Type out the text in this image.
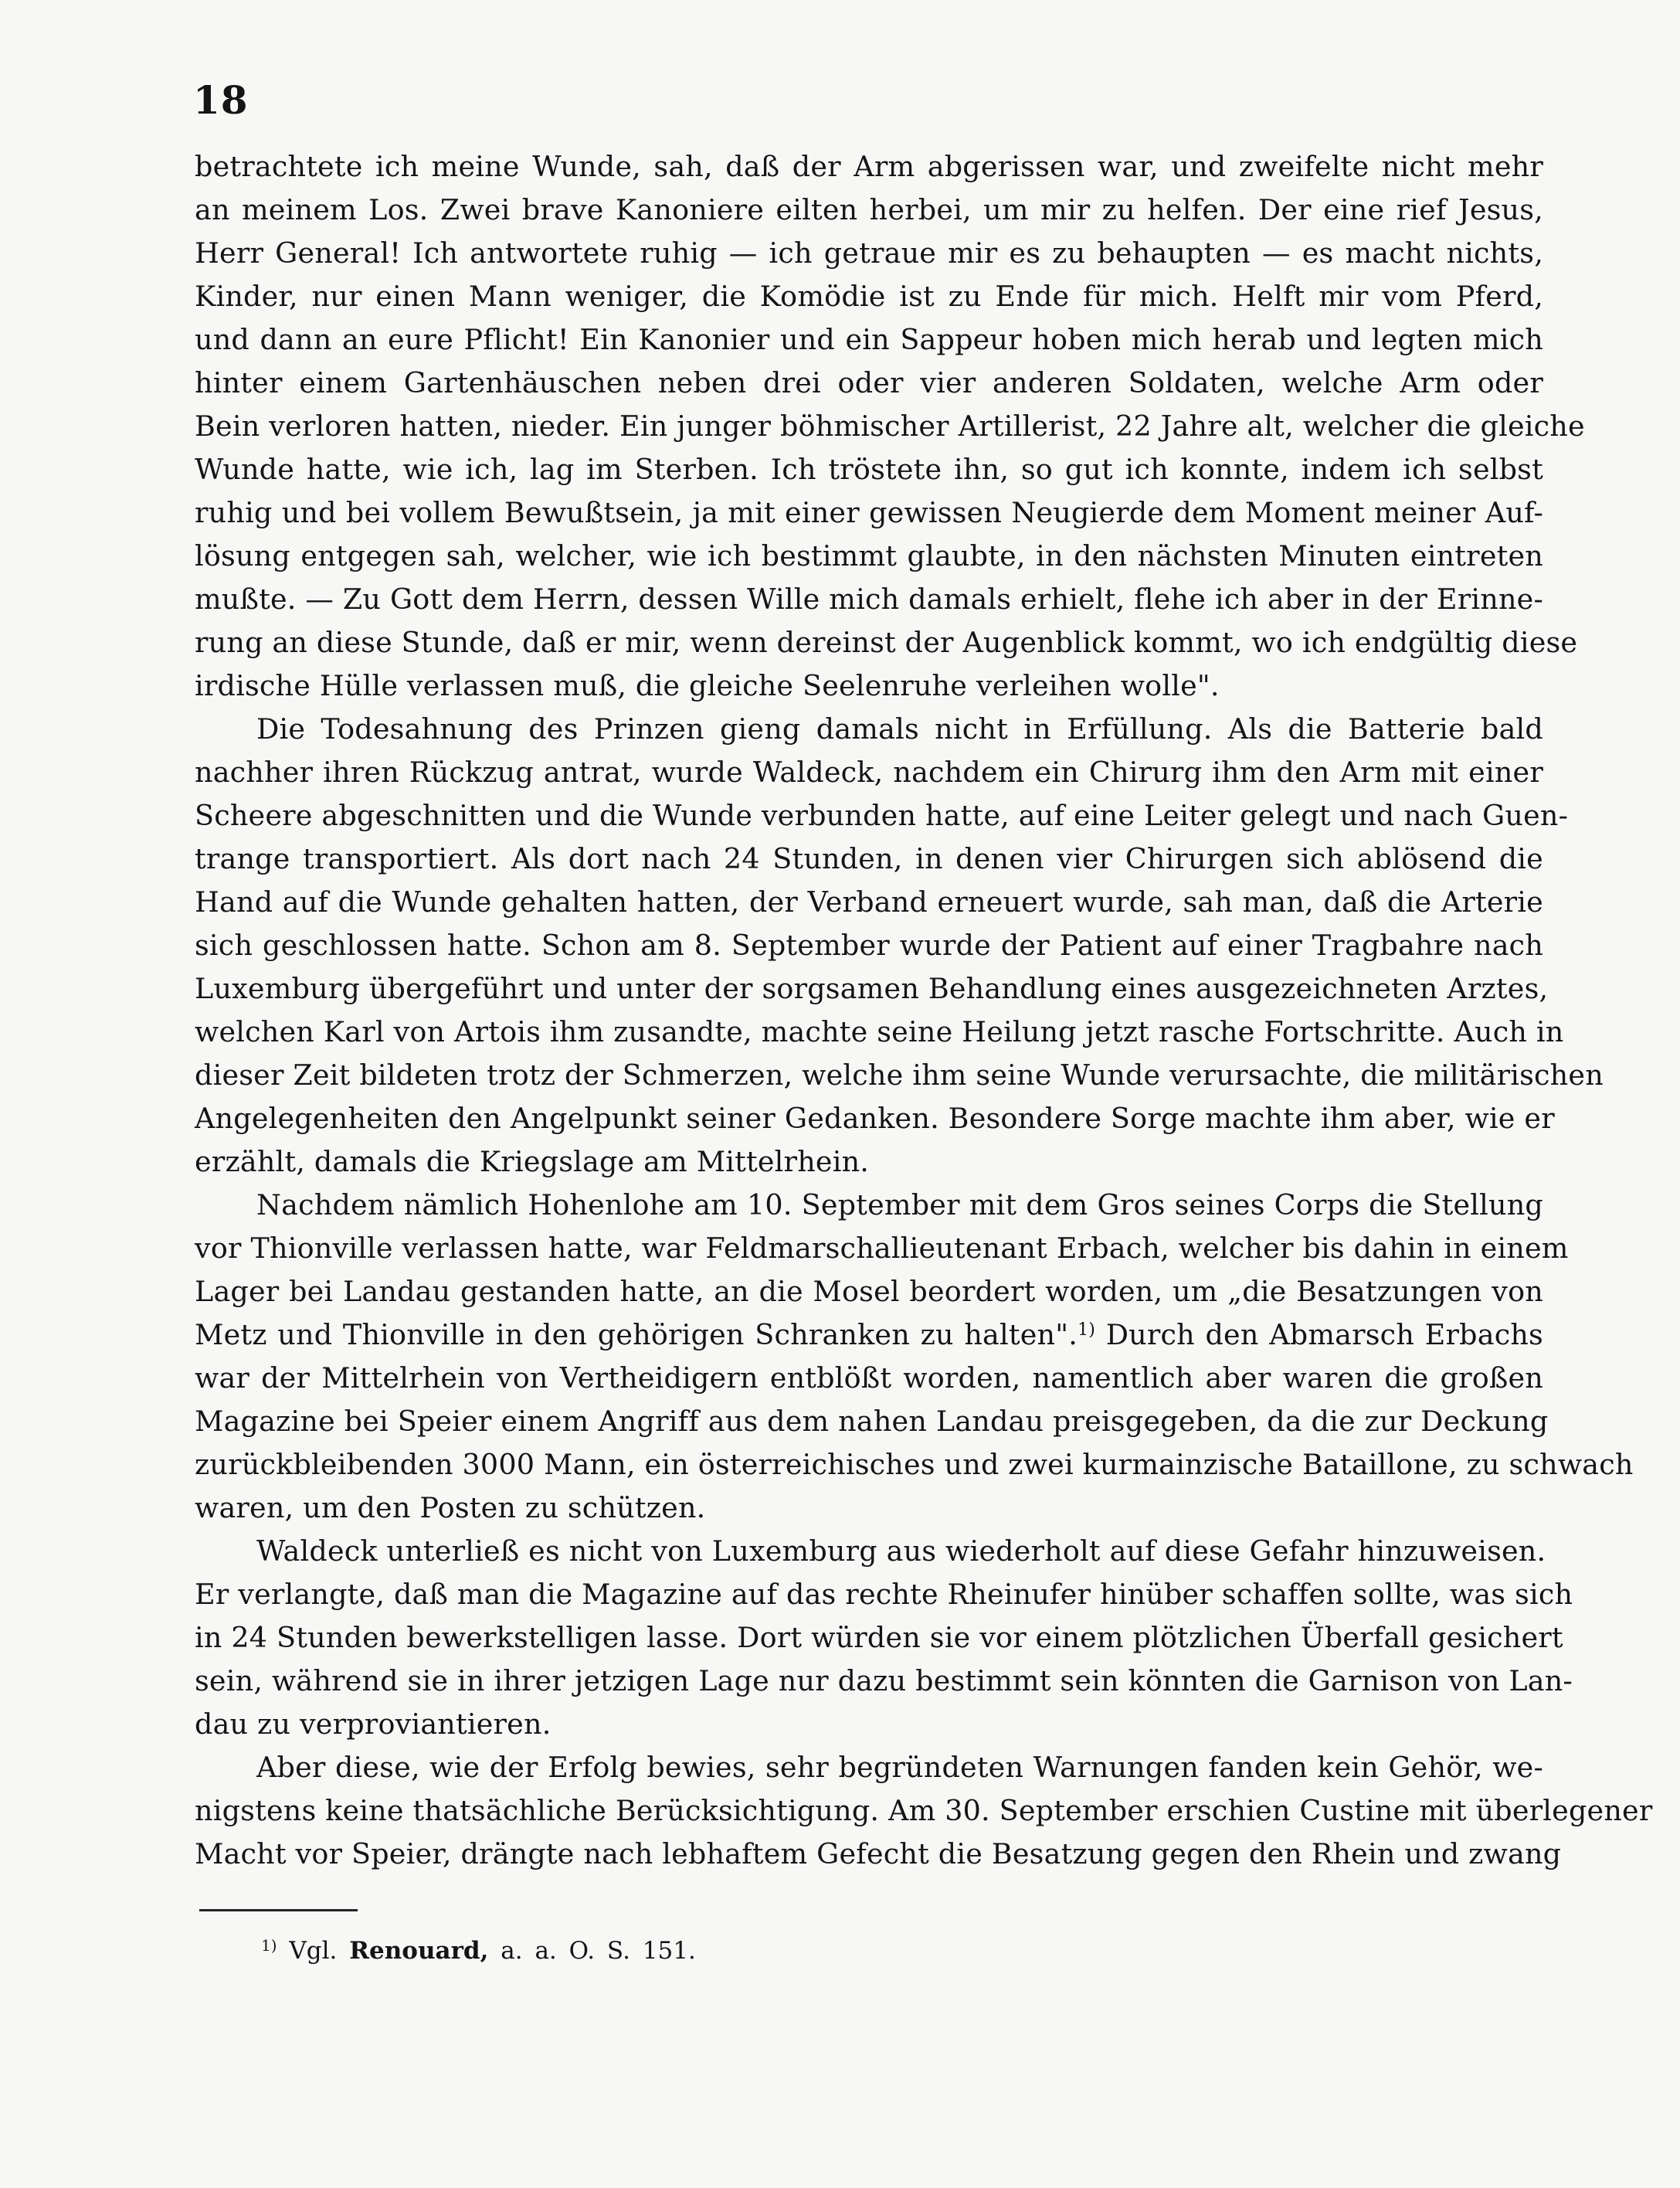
18
betrachtete ich meine Wunde, sah, daß der Arm abgerissen war, und zweifelte nicht mehr
an meinem Los. Zwei brave Kanoniere eilten herbei, um mir zu helfen. Der eine rief Jesus,
Herr General! Ich antwortete ruhig — ich getraue mir es zu behaupten — es macht nichts,
Kinder, nur einen Mann weniger, die Komödie ist zu Ende für mich. Helft mir vom Pferd,
und dann an eure Pflicht! Ein Kanonier und ein Sappeur hoben mich herab und legten mich
hinter einem Gartenhäuschen neben drei oder vier anderen Soldaten, welche Arm oder
Bein verloren hatten, nieder. Ein junger böhmischer Artillerist, 22 Jahre alt, welcher die gleiche
Wunde hatte, wie ich, lag im Sterben. Ich tröstete ihn, so gut ich konnte, indem ich selbst
ruhig und bei vollem Bewußtsein, ja mit einer gewissen Neugierde dem Moment meiner Auf-
lösung entgegen sah, welcher, wie ich bestimmt glaubte, in den nächsten Minuten eintreten
mußte. — Zu Gott dem Herrn, dessen Wille mich damals erhielt, flehe ich aber in der Erinne-
rung an diese Stunde, daß er mir, wenn dereinst der Augenblick kommt, wo ich endgültig diese
irdische Hülle verlassen muß, die gleiche Seelenruhe verleihen wolle".
Die Todesahnung des Prinzen gieng damals nicht in Erfüllung. Als die Batterie bald
nachher ihren Rückzug antrat, wurde Waldeck, nachdem ein Chirurg ihm den Arm mit einer
Scheere abgeschnitten und die Wunde verbunden hatte, auf eine Leiter gelegt und nach Guen-
trange transportiert. Als dort nach 24 Stunden, in denen vier Chirurgen sich ablösend die
Hand auf die Wunde gehalten hatten, der Verband erneuert wurde, sah man, daß die Arterie
sich geschlossen hatte. Schon am 8. September wurde der Patient auf einer Tragbahre nach
Luxemburg übergeführt und unter der sorgsamen Behandlung eines ausgezeichneten Arztes,
welchen Karl von Artois ihm zusandte, machte seine Heilung jetzt rasche Fortschritte. Auch in
dieser Zeit bildeten trotz der Schmerzen, welche ihm seine Wunde verursachte, die militärischen
Angelegenheiten den Angelpunkt seiner Gedanken. Besondere Sorge machte ihm aber, wie er
erzählt, damals die Kriegslage am Mittelrhein.
Nachdem nämlich Hohenlohe am 10. September mit dem Gros seines Corps die Stellung
vor Thionville verlassen hatte, war Feldmarschallieutenant Erbach, welcher bis dahin in einem
Lager bei Landau gestanden hatte, an die Mosel beordert worden, um „die Besatzungen von
Metz und Thionville in den gehörigen Schranken zu halten".$^{1)}$ Durch den Abmarsch Erbachs
war der Mittelrhein von Vertheidigern entblößt worden, namentlich aber waren die großen
Magazine bei Speier einem Angriff aus dem nahen Landau preisgegeben, da die zur Deckung
zurückbleibenden 3000 Mann, ein österreichisches und zwei kurmainzische Bataillone, zu schwach
waren, um den Posten zu schützen.
Waldeck unterließ es nicht von Luxemburg aus wiederholt auf diese Gefahr hinzuweisen.
Er verlangte, daß man die Magazine auf das rechte Rheinufer hinüber schaffen sollte, was sich
in 24 Stunden bewerkstelligen lasse. Dort würden sie vor einem plötzlichen Überfall gesichert
sein, während sie in ihrer jetzigen Lage nur dazu bestimmt sein könnten die Garnison von Lan-
dau zu verproviantieren.
Aber diese, wie der Erfolg bewies, sehr begründeten Warnungen fanden kein Gehör, we-
nigstens keine thatsächliche Berücksichtigung. Am 30. September erschien Custine mit überlegener
Macht vor Speier, drängte nach lebhaftem Gefecht die Besatzung gegen den Rhein und zwang
$^{1)}$ Vgl. Renouard, a. a. O. S. 151.
